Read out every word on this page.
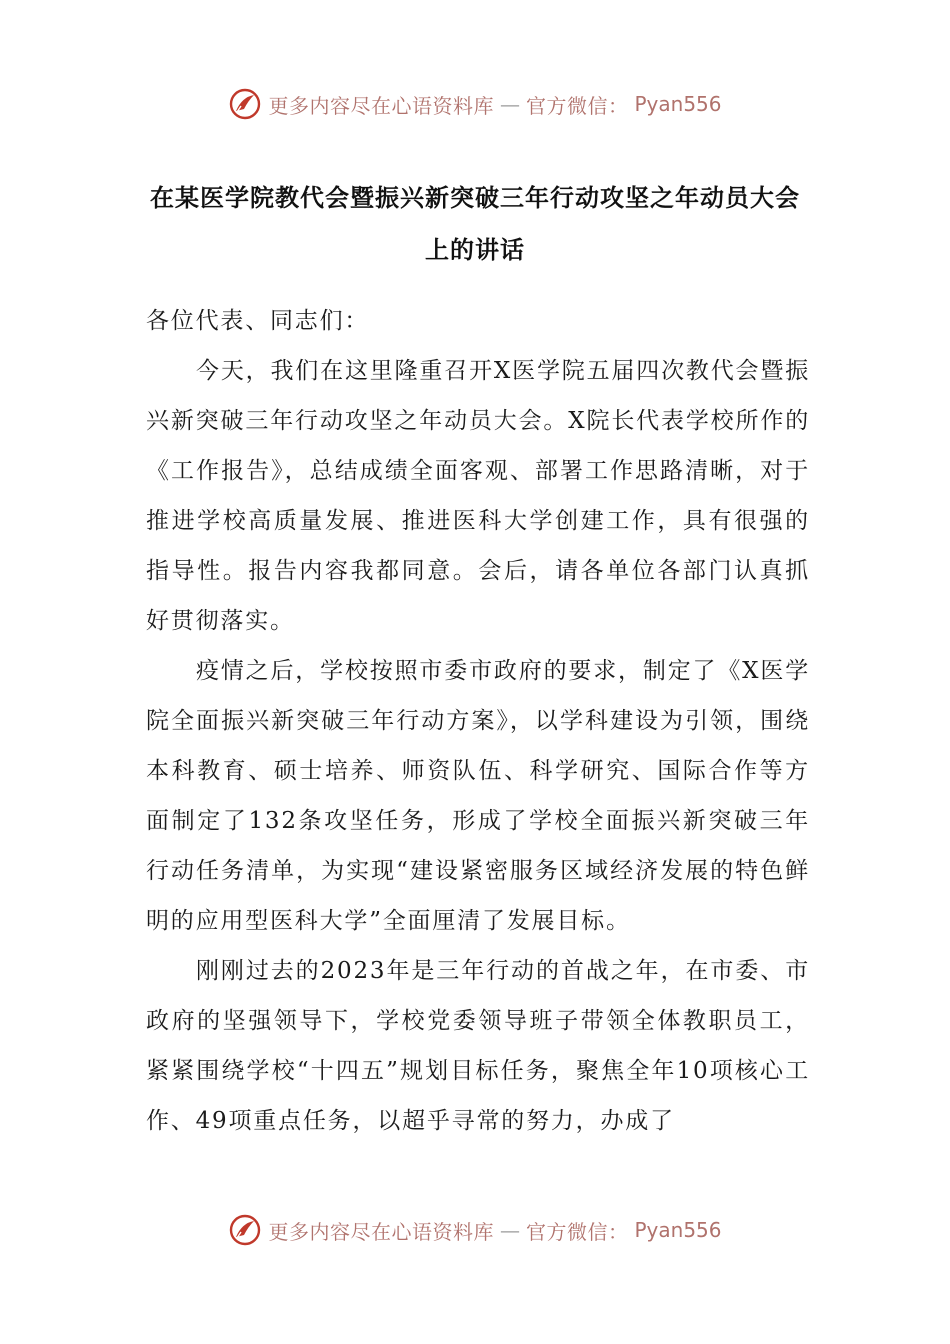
更多内容尽在心语资料库 — 官方微信： Pyan556
在某医学院教代会暨振兴新突破三年行动攻坚之年动员大会上的讲话

各位代表、同志们：

今天，我们在这里隆重召开X医学院五届四次教代会暨振兴新突破三年行动攻坚之年动员大会。X院长代表学校所作的《工作报告》，总结成绩全面客观、部署工作思路清晰，对于推进学校高质量发展、推进医科大学创建工作，具有很强的指导性。报告内容我都同意。会后，请各单位各部门认真抓好贯彻落实。

疫情之后，学校按照市委市政府的要求，制定了《X医学院全面振兴新突破三年行动方案》，以学科建设为引领，围绕本科教育、硕士培养、师资队伍、科学研究、国际合作等方面制定了132条攻坚任务，形成了学校全面振兴新突破三年行动任务清单，为实现“建设紧密服务区域经济发展的特色鲜明的应用型医科大学”全面厘清了发展目标。

刚刚过去的2023年是三年行动的首战之年，在市委、市政府的坚强领导下，学校党委领导班子带领全体教职员工，紧紧围绕学校“十四五”规划目标任务，聚焦全年10项核心工作、49项重点任务，以超乎寻常的努力，办成了

更多内容尽在心语资料库 — 官方微信： Pyan556
